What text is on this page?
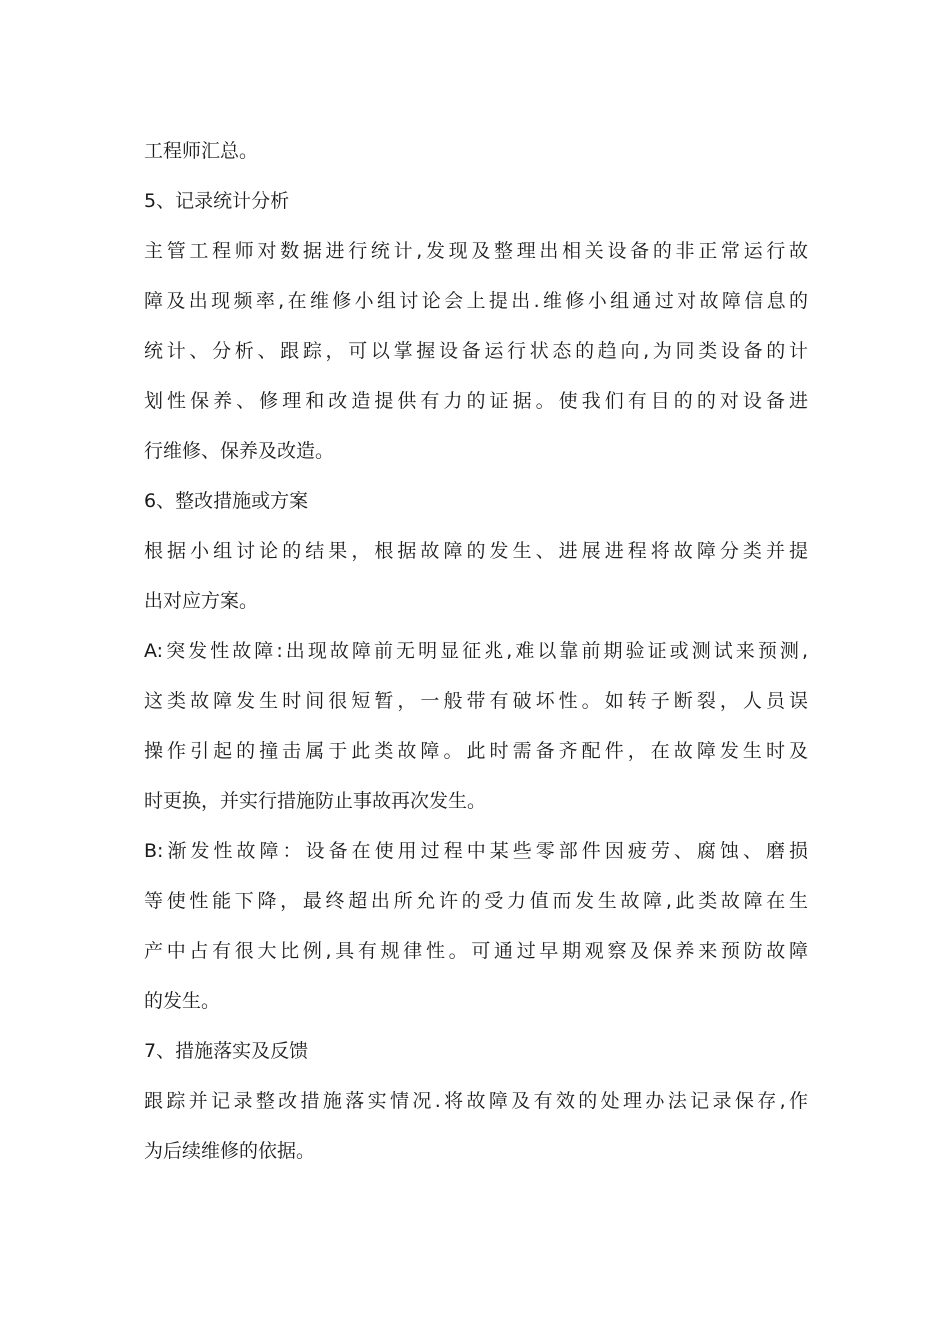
工程师汇总。
5、记录统计分析
主管工程师对数据进行统计,发现及整理出相关设备的非正常运行故
障及出现频率,在维修小组讨论会上提出.维修小组通过对故障信息的
统计、分析、跟踪，可以掌握设备运行状态的趋向,为同类设备的计
划性保养、修理和改造提供有力的证据。使我们有目的的对设备进
行维修、保养及改造。
6、整改措施或方案
根据小组讨论的结果，根据故障的发生、进展进程将故障分类并提
出对应方案。
A:突发性故障:出现故障前无明显征兆,难以靠前期验证或测试来预测,
这类故障发生时间很短暂，一般带有破坏性。如转子断裂，人员误
操作引起的撞击属于此类故障。此时需备齐配件，在故障发生时及
时更换，并实行措施防止事故再次发生。
B:渐发性故障：设备在使用过程中某些零部件因疲劳、腐蚀、磨损
等使性能下降，最终超出所允许的受力值而发生故障,此类故障在生
产中占有很大比例,具有规律性。可通过早期观察及保养来预防故障
的发生。
7、措施落实及反馈
跟踪并记录整改措施落实情况.将故障及有效的处理办法记录保存,作
为后续维修的依据。
